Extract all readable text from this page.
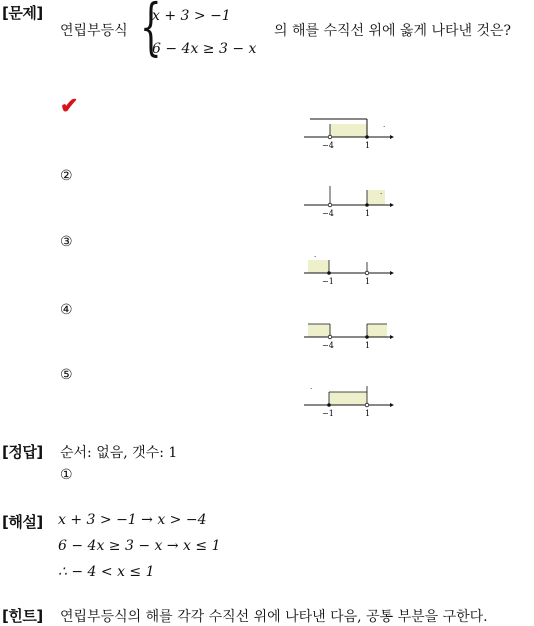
[문제]
연립부등식 {
x + 3 > −1
6 − 4x ≥ 3 − x
의 해를 수직선 위에 옳게 나타낸 것은?
✔
.
−4	1
②
.
−4	1
③
.
−1	1
④
−4	1
⑤
.
−1	1
[정답] 순서: 없음, 갯수: 1
①
[해설] x + 3 > −1 → x > −4
6 − 4x ≥ 3 − x → x ≤ 1
∴ − 4 < x ≤ 1
[힌트] 연립부등식의 해를 각각 수직선 위에 나타낸 다음, 공통 부분을 구한다.
